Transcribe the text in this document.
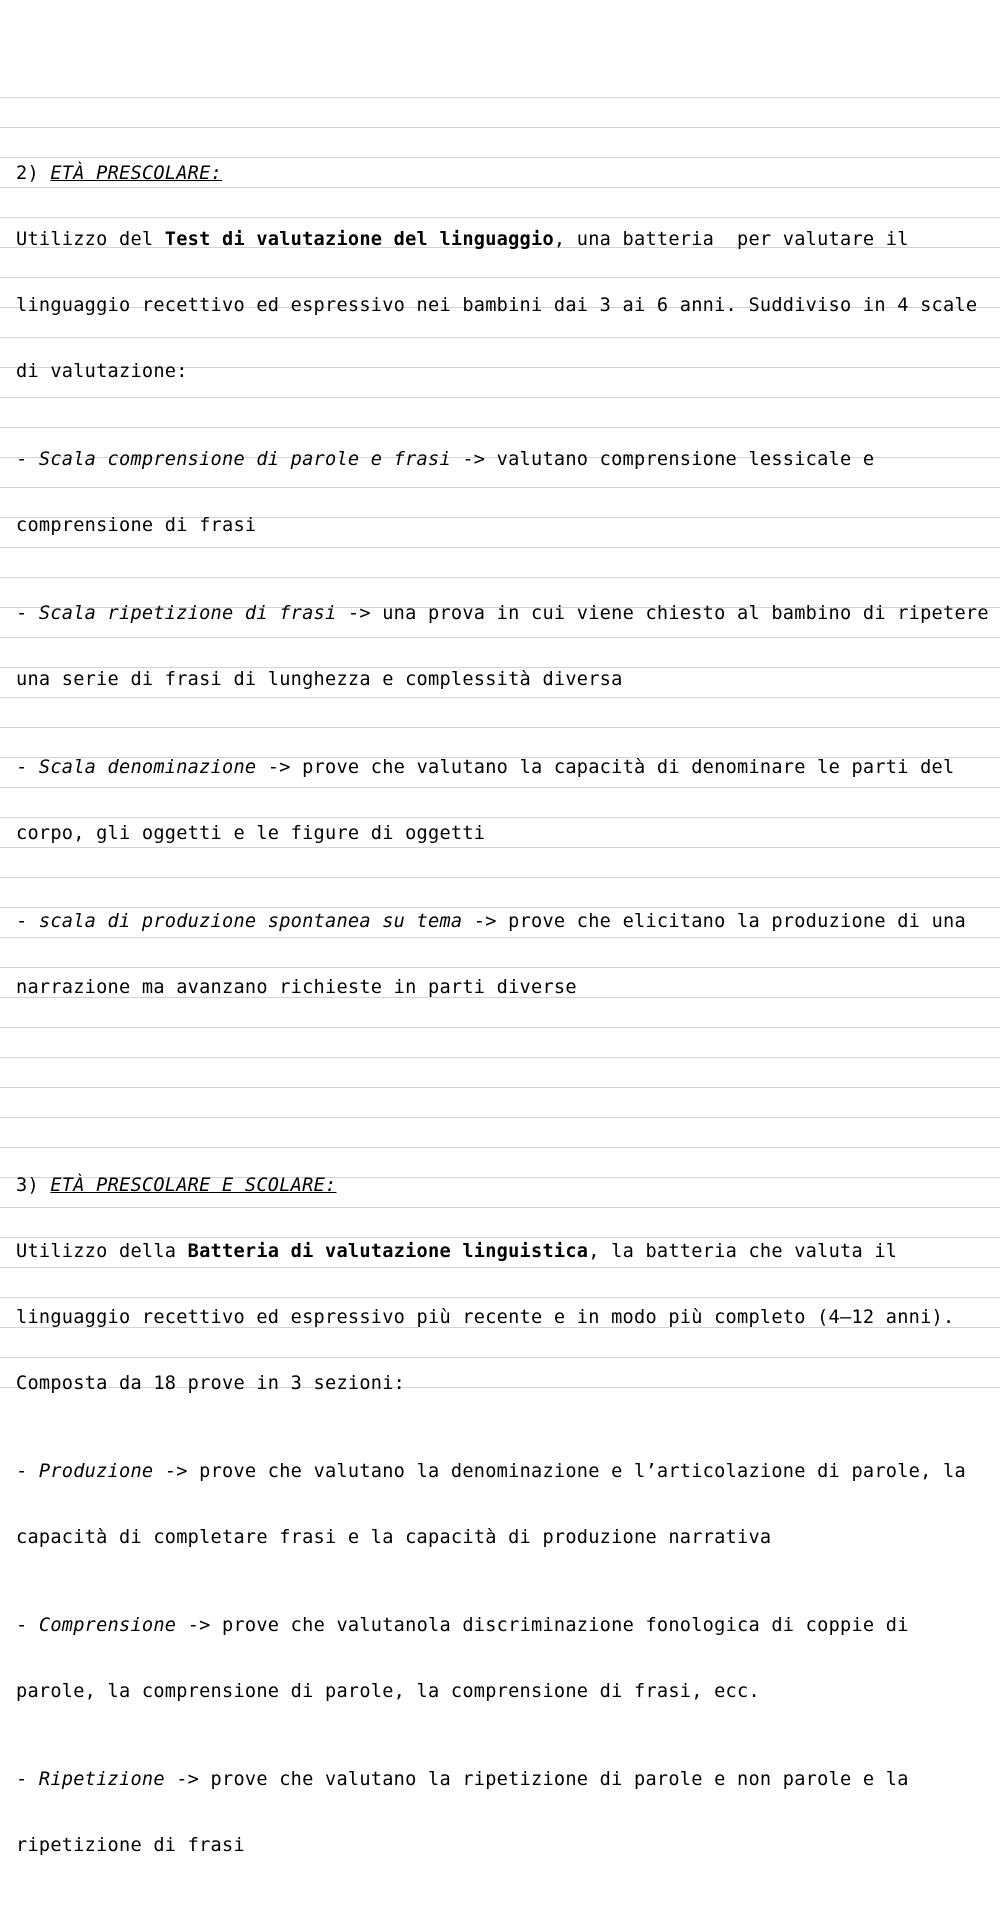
2) ETÀ PRESCOLARE:

Utilizzo del Test di valutazione del linguaggio, una batteria  per valutare il

linguaggio recettivo ed espressivo nei bambini dai 3 ai 6 anni. Suddiviso in 4 scale

di valutazione:

- Scala comprensione di parole e frasi -> valutano comprensione lessicale e

comprensione di frasi

- Scala ripetizione di frasi -> una prova in cui viene chiesto al bambino di ripetere

una serie di frasi di lunghezza e complessità diversa

- Scala denominazione -> prove che valutano la capacità di denominare le parti del

corpo, gli oggetti e le figure di oggetti

- scala di produzione spontanea su tema -> prove che elicitano la produzione di una

narrazione ma avanzano richieste in parti diverse

3) ETÀ PRESCOLARE E SCOLARE:

Utilizzo della Batteria di valutazione linguistica, la batteria che valuta il

linguaggio recettivo ed espressivo più recente e in modo più completo (4–12 anni).

Composta da 18 prove in 3 sezioni:

- Produzione -> prove che valutano la denominazione e l’articolazione di parole, la

capacità di completare frasi e la capacità di produzione narrativa

- Comprensione -> prove che valutanola discriminazione fonologica di coppie di

parole, la comprensione di parole, la comprensione di frasi, ecc.

- Ripetizione -> prove che valutano la ripetizione di parole e non parole e la

ripetizione di frasi
